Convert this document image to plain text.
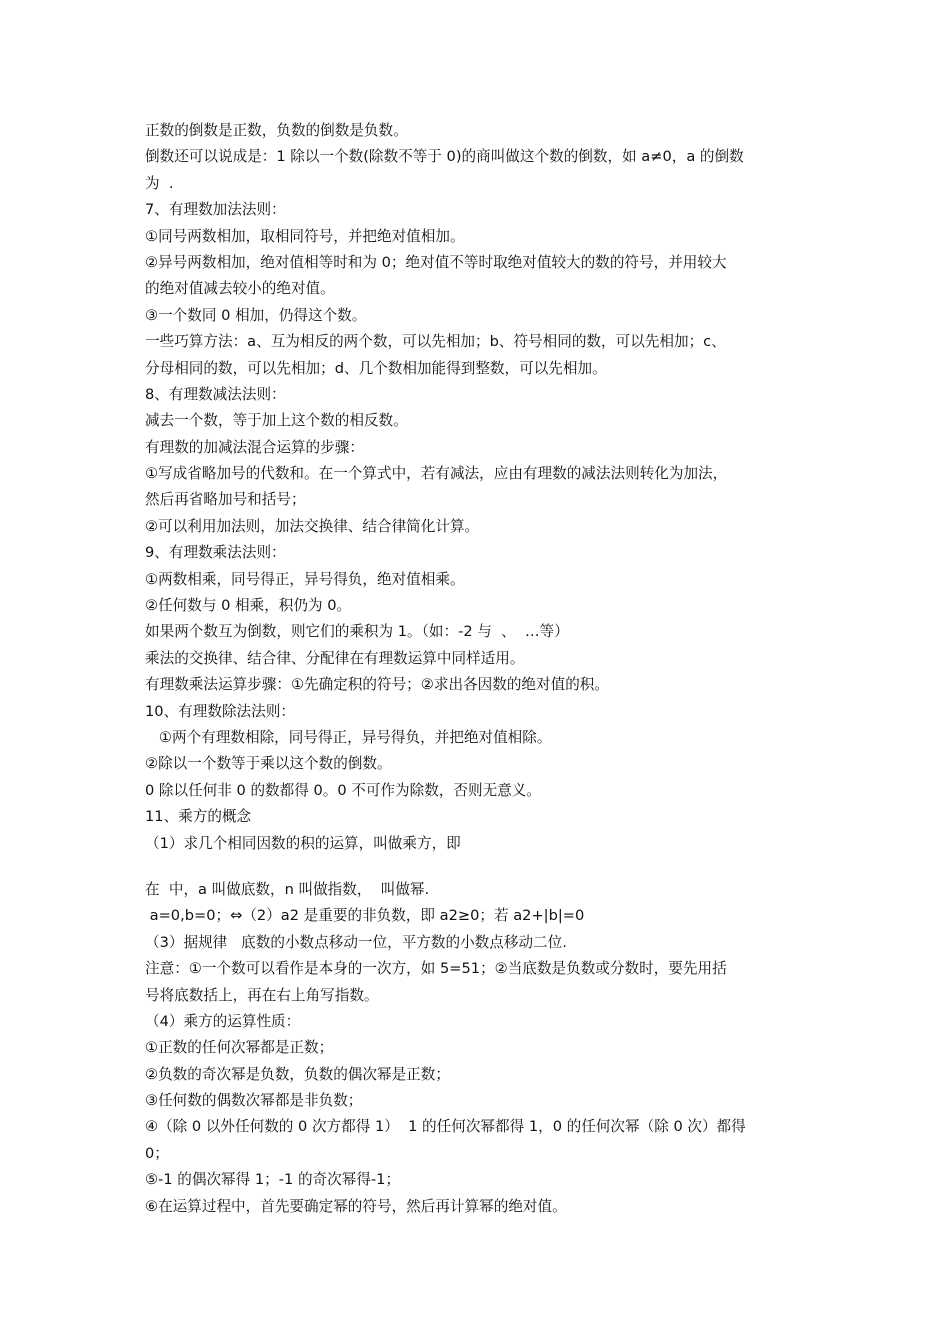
正数的倒数是正数，负数的倒数是负数。
倒数还可以说成是：1 除以一个数(除数不等于 0)的商叫做这个数的倒数，如 a≠0，a 的倒数
为  .
7、有理数加法法则：
①同号两数相加，取相同符号，并把绝对值相加。
②异号两数相加，绝对值相等时和为 0；绝对值不等时取绝对值较大的数的符号，并用较大
的绝对值减去较小的绝对值。
③一个数同 0 相加，仍得这个数。
一些巧算方法：a、互为相反的两个数，可以先相加；b、符号相同的数，可以先相加；c、
分母相同的数，可以先相加；d、几个数相加能得到整数，可以先相加。
8、有理数减法法则：
减去一个数，等于加上这个数的相反数。
有理数的加减法混合运算的步骤：
①写成省略加号的代数和。在一个算式中，若有减法，应由有理数的减法法则转化为加法，
然后再省略加号和括号；
②可以利用加法则，加法交换律、结合律简化计算。
9、有理数乘法法则：
①两数相乘，同号得正，异号得负，绝对值相乘。
②任何数与 0 相乘，积仍为 0。
如果两个数互为倒数，则它们的乘积为 1。（如：-2 与  、  …等）
乘法的交换律、结合律、分配律在有理数运算中同样适用。
有理数乘法运算步骤：①先确定积的符号；②求出各因数的绝对值的积。
10、有理数除法法则：
①两个有理数相除，同号得正，异号得负，并把绝对值相除。
②除以一个数等于乘以这个数的倒数。
0 除以任何非 0 的数都得 0。0 不可作为除数，否则无意义。
11、乘方的概念
（1）求几个相同因数的积的运算，叫做乘方，即
在  中，a 叫做底数，n 叫做指数，  叫做幂.
a=0,b=0；⇔（2）a2 是重要的非负数，即 a2≥0；若 a2+|b|=0
（3）据规律   底数的小数点移动一位，平方数的小数点移动二位.
注意：①一个数可以看作是本身的一次方，如 5=51；②当底数是负数或分数时，要先用括
号将底数括上，再在右上角写指数。
（4）乘方的运算性质：
①正数的任何次幂都是正数；
②负数的奇次幂是负数，负数的偶次幂是正数；
③任何数的偶数次幂都是非负数；
④（除 0 以外任何数的 0 次方都得 1）  1 的任何次幂都得 1，0 的任何次幂（除 0 次）都得
0；
⑤-1 的偶次幂得 1；-1 的奇次幂得-1；
⑥在运算过程中，首先要确定幂的符号，然后再计算幂的绝对值。
